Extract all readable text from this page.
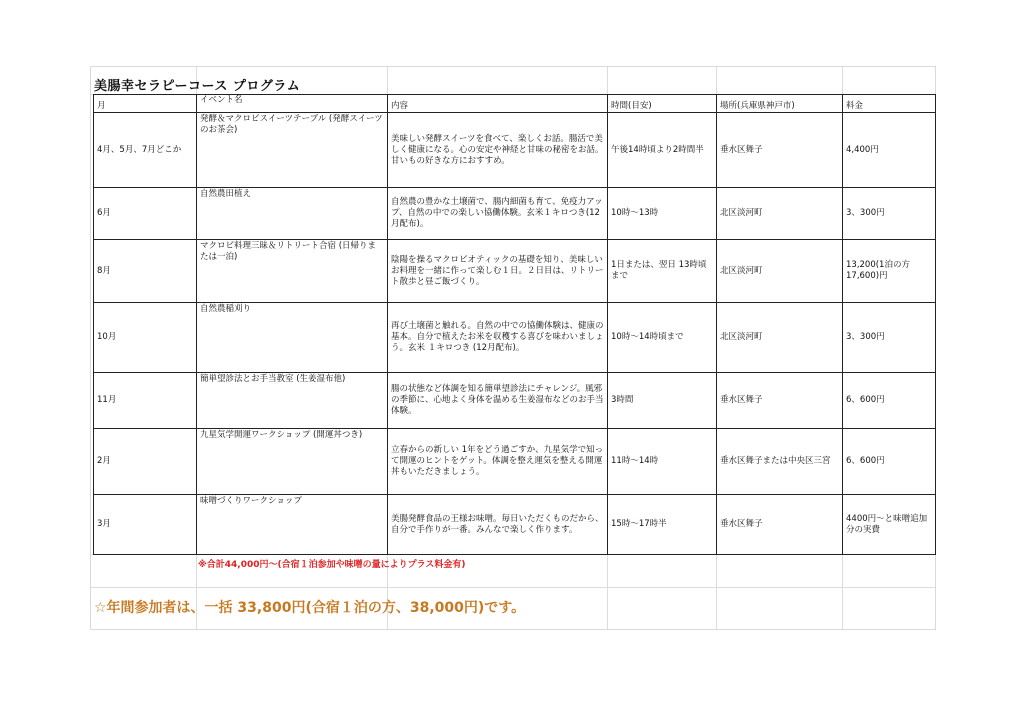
美腸幸セラピーコース プログラム
月	イベント名	内容	時間(目安)	場所(兵庫県神戸市)	料金
4月、5月、7月どこか	発酵＆マクロビスイーツテーブル (発酵スイーツのお茶会)	美味しい発酵スイーツを食べて、楽しくお話。腸活で美しく健康になる。心の安定や神経と甘味の秘密をお話。甘いもの好きな方におすすめ。	午後14時頃より2時間半	垂水区舞子	4,400円
6月	自然農田植え	自然農の豊かな土壌菌で、腸内細菌も育て、免疫力アップ、自然の中での楽しい協働体験。玄米１キロつき(12月配布)。	10時～13時	北区淡河町	3、300円
8月	マクロビ料理三昧＆リトリート合宿 (日帰りまたは一泊)	陰陽を操るマクロビオティックの基礎を知り、美味しいお料理を一緒に作って楽しむ１日。２日目は、リトリート散歩と昼ご飯づくり。	1日または、翌日 13時頃まで	北区淡河町	13,200(1泊の方17,600)円
10月	自然農稲刈り	再び土壌菌と触れる。自然の中での協働体験は、健康の基本。自分で植えたお米を収穫する喜びを味わいましょう。玄米 １キロつき (12月配布)。	10時～14時頃まで	北区淡河町	3、300円
11月	簡単望診法とお手当教室 (生姜湿布他)	腸の状態など体調を知る簡単望診法にチャレンジ。風邪の季節に、心地よく身体を温める生姜湿布などのお手当体験。	3時間	垂水区舞子	6、600円
2月	九星気学開運ワークショップ (開運丼つき)	立春からの新しい 1年をどう過ごすか、九星気学で知って開運のヒントをゲット。体調を整え運気を整える開運丼もいただきましょう。	11時～14時	垂水区舞子または中央区三宮	6、600円
3月	味噌づくりワークショップ	美腸発酵食品の王様お味噌。毎日いただくものだから、自分で手作りが一番。みんなで楽しく作ります。	15時～17時半	垂水区舞子	4400円～と味噌追加分の実費
※合計44,000円～(合宿１泊参加や味噌の量によりプラス料金有)
☆年間参加者は、一括 33,800円(合宿１泊の方、38,000円)です。
